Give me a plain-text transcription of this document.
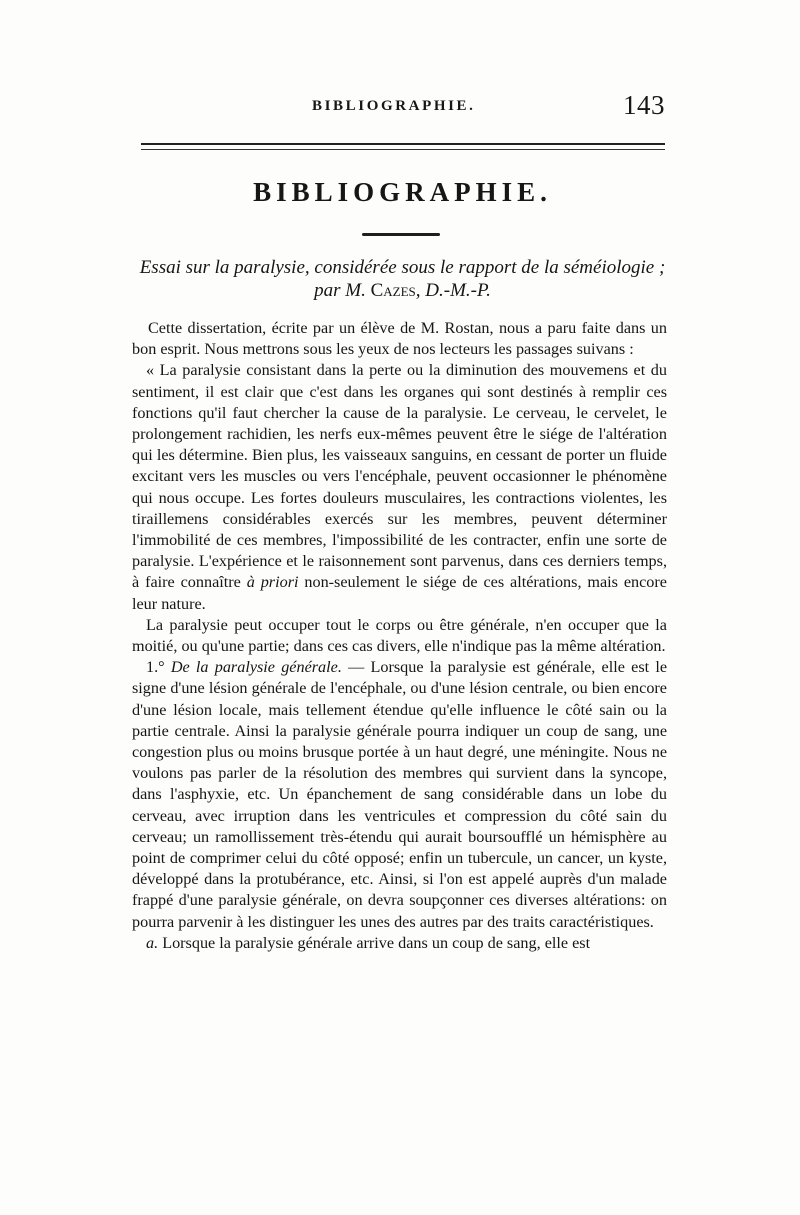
BIBLIOGRAPHIE.	143
BIBLIOGRAPHIE.
Essai sur la paralysie, considérée sous le rapport de la séméiologie ;
par M. Cazes, D.-M.-P.

Cette dissertation, écrite par un élève de M. Rostan, nous a paru faite dans un bon esprit. Nous mettrons sous les yeux de nos lecteurs les passages suivans :

« La paralysie consistant dans la perte ou la diminution des mouvemens et du sentiment, il est clair que c'est dans les organes qui sont destinés à remplir ces fonctions qu'il faut chercher la cause de la paralysie. Le cerveau, le cervelet, le prolongement rachidien, les nerfs eux-mêmes peuvent être le siége de l'altération qui les détermine. Bien plus, les vaisseaux sanguins, en cessant de porter un fluide excitant vers les muscles ou vers l'encéphale, peuvent occasionner le phénomène qui nous occupe. Les fortes douleurs musculaires, les contractions violentes, les tiraillemens considérables exercés sur les membres, peuvent déterminer l'immobilité de ces membres, l'impossibilité de les contracter, enfin une sorte de paralysie. L'expérience et le raisonnement sont parvenus, dans ces derniers temps, à faire connaître à priori non-seulement le siége de ces altérations, mais encore leur nature.

La paralysie peut occuper tout le corps ou être générale, n'en occuper que la moitié, ou qu'une partie; dans ces cas divers, elle n'indique pas la même altération.

1.° De la paralysie générale. — Lorsque la paralysie est générale, elle est le signe d'une lésion générale de l'encéphale, ou d'une lésion centrale, ou bien encore d'une lésion locale, mais tellement étendue qu'elle influence le côté sain ou la partie centrale. Ainsi la paralysie générale pourra indiquer un coup de sang, une congestion plus ou moins brusque portée à un haut degré, une méningite. Nous ne voulons pas parler de la résolution des membres qui survient dans la syncope, dans l'asphyxie, etc. Un épanchement de sang considérable dans un lobe du cerveau, avec irruption dans les ventricules et compression du côté sain du cerveau; un ramollissement très-étendu qui aurait boursoufflé un hémisphère au point de comprimer celui du côté opposé; enfin un tubercule, un cancer, un kyste, développé dans la protubérance, etc. Ainsi, si l'on est appelé auprès d'un malade frappé d'une paralysie générale, on devra soupçonner ces diverses altérations: on pourra parvenir à les distinguer les unes des autres par des traits caractéristiques.

a. Lorsque la paralysie générale arrive dans un coup de sang, elle est
